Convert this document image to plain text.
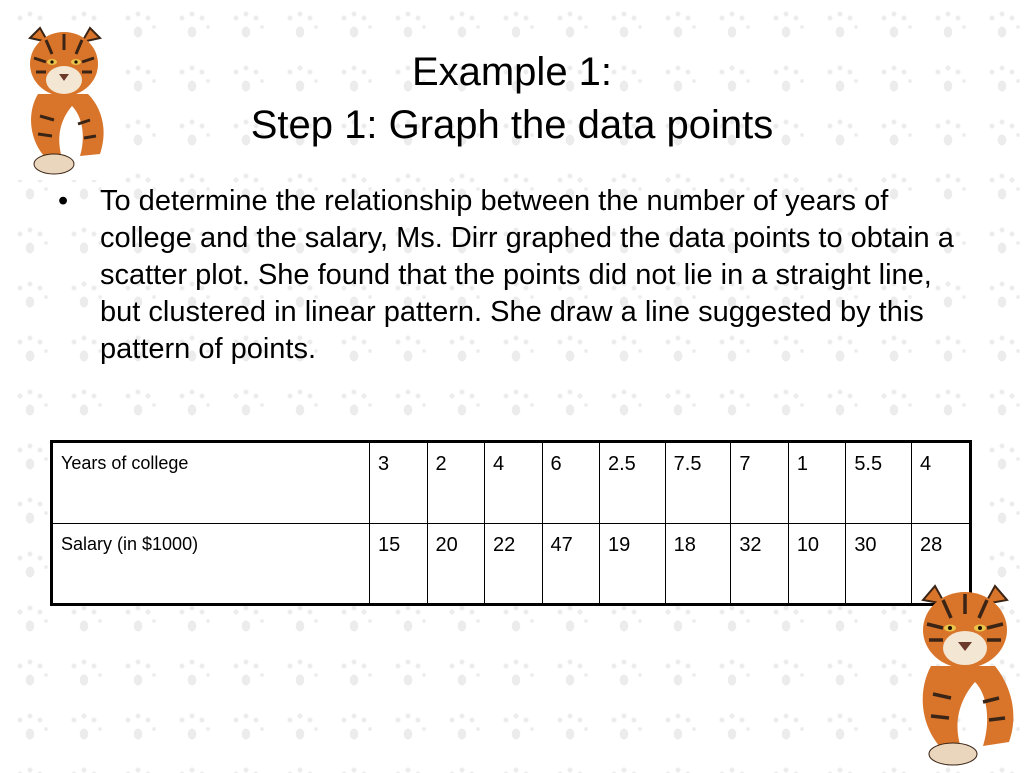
Example 1:
Step 1: Graph the data points
• To determine the relationship between the number of years of college and the salary, Ms. Dirr graphed the data points to obtain a scatter plot. She found that the points did not lie in a straight line, but clustered in linear pattern. She draw a line suggested by this pattern of points.
Years of college	3	2	4	6	2.5	7.5	7	1	5.5	4
Salary (in $1000)	15	20	22	47	19	18	32	10	30	28
